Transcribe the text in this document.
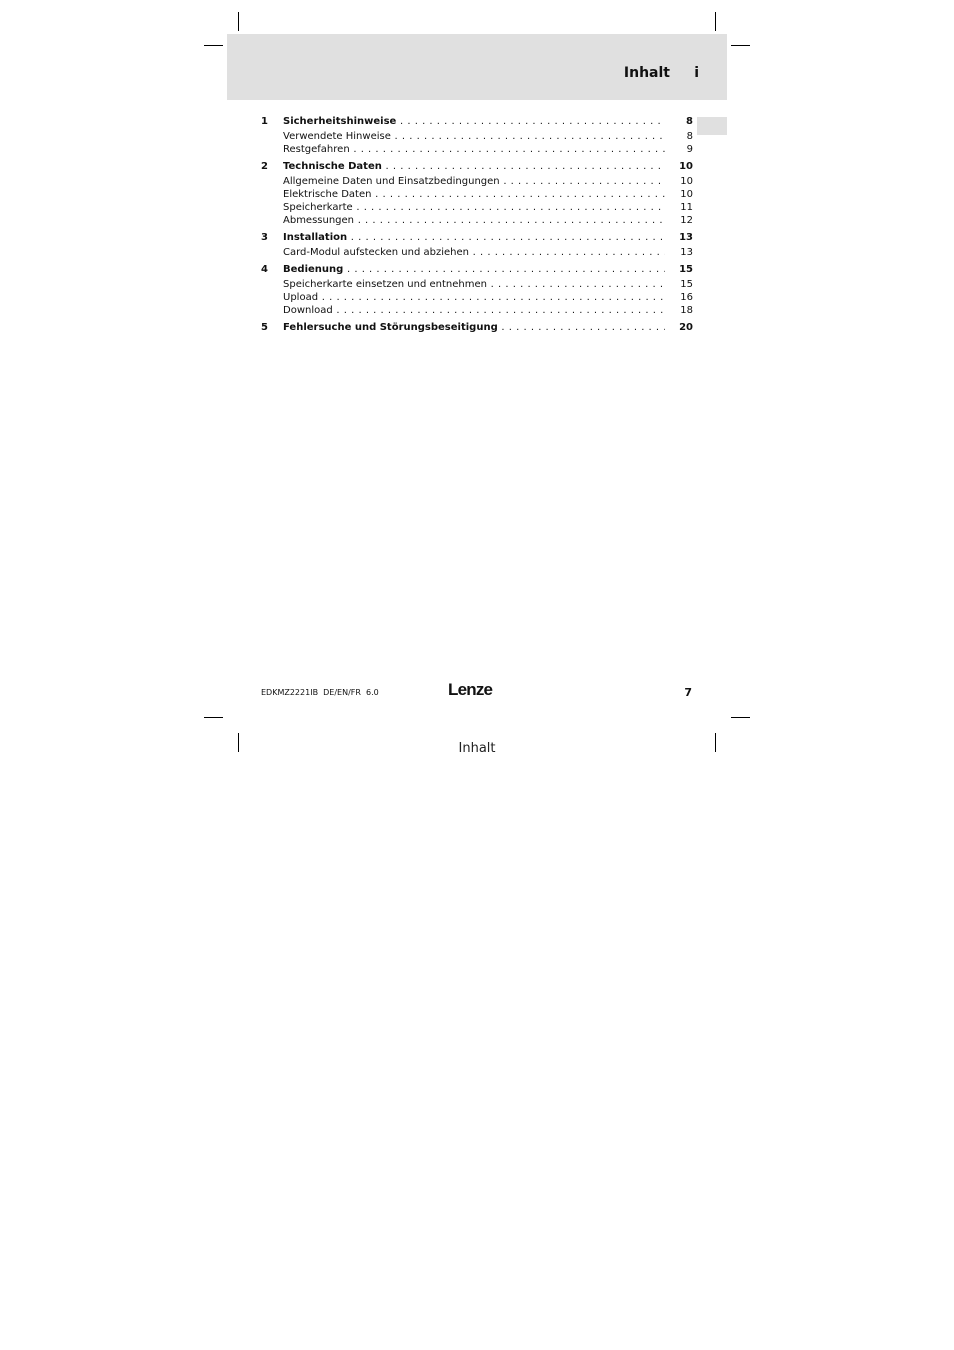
Inhalt i
1 Sicherheitshinweise . . .	8
Verwendete Hinweise . . .	8
Restgefahren . . .	9
2 Technische Daten . . .	10
Allgemeine Daten und Einsatzbedingungen . . .	10
Elektrische Daten . . .	10
Speicherkarte . . .	11
Abmessungen . . .	12
3 Installation . . .	13
Card-Modul aufstecken und abziehen . . .	13
4 Bedienung . . .	15
Speicherkarte einsetzen und entnehmen . . .	15
Upload . . .	16
Download . . .	18
5 Fehlersuche und Störungsbeseitigung . . .	20
EDKMZ2221IB  DE/EN/FR  6.0	Lenze	7
Inhalt
